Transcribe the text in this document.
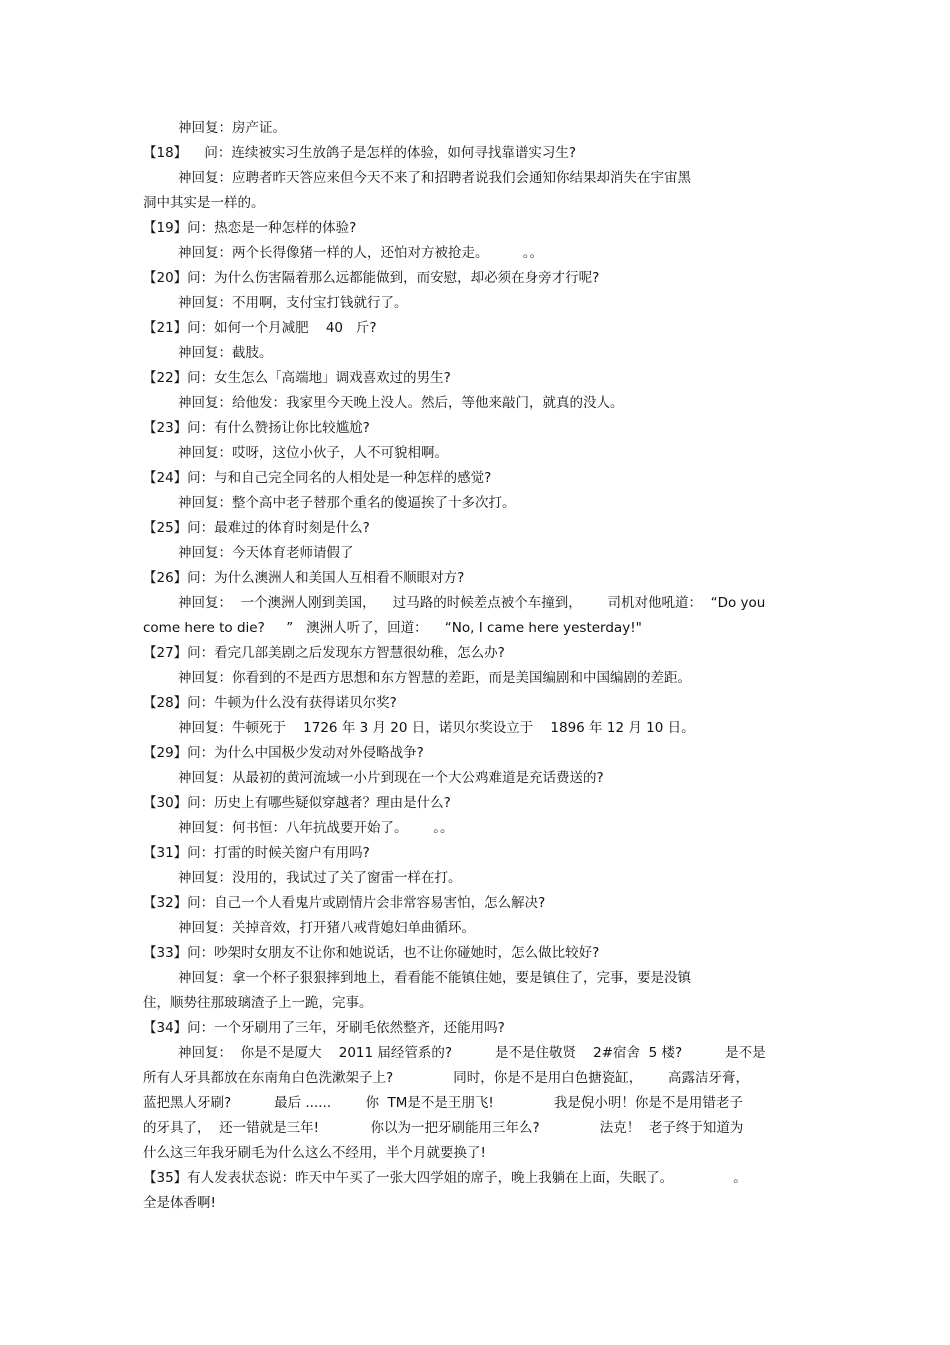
神回复：房产证。
【18】    问：连续被实习生放鸽子是怎样的体验，如何寻找靠谱实习生?
神回复：应聘者昨天答应来但今天不来了和招聘者说我们会通知你结果却消失在宇宙黑
洞中其实是一样的。
【19】问：热恋是一种怎样的体验?
神回复：两个长得像猪一样的人，还怕对方被抢走。        。。
【20】问：为什么伤害隔着那么远都能做到，而安慰，却必须在身旁才行呢?
神回复：不用啊，支付宝打钱就行了。
【21】问：如何一个月减肥    40   斤?
神回复：截肢。
【22】问：女生怎么「高端地」调戏喜欢过的男生?
神回复：给他发：我家里今天晚上没人。然后，等他来敲门，就真的没人。
【23】问：有什么赞扬让你比较尴尬?
神回复：哎呀，这位小伙子，人不可貌相啊。
【24】问：与和自己完全同名的人相处是一种怎样的感觉?
神回复：整个高中老子替那个重名的傻逼挨了十多次打。
【25】问：最难过的体育时刻是什么?
神回复：今天体育老师请假了
【26】问：为什么澳洲人和美国人互相看不顺眼对方?
神回复：  一个澳洲人刚到美国，    过马路的时候差点被个车撞到，      司机对他吼道：  “Do you
come here to die?     ”   澳洲人听了，回道：    “No, I came here yesterday!"
【27】问：看完几部美剧之后发现东方智慧很幼稚，怎么办?
神回复：你看到的不是西方思想和东方智慧的差距，而是美国编剧和中国编剧的差距。
【28】问：牛顿为什么没有获得诺贝尔奖?
神回复：牛顿死于    1726 年 3 月 20 日，诺贝尔奖设立于    1896 年 12 月 10 日。
【29】问：为什么中国极少发动对外侵略战争?
神回复：从最初的黄河流域一小片到现在一个大公鸡难道是充话费送的?
【30】问：历史上有哪些疑似穿越者？理由是什么?
神回复：何书恒：八年抗战要开始了。      。。
【31】问：打雷的时候关窗户有用吗?
神回复：没用的，我试过了关了窗雷一样在打。
【32】问：自己一个人看鬼片或剧情片会非常容易害怕，怎么解决?
神回复：关掉音效，打开猪八戒背媳妇单曲循环。
【33】问：吵架时女朋友不让你和她说话，也不让你碰她时，怎么做比较好?
神回复：拿一个杯子狠狠摔到地上，看看能不能镇住她，要是镇住了，完事，要是没镇
住，顺势往那玻璃渣子上一跪，完事。
【34】问：一个牙刷用了三年，牙刷毛依然整齐，还能用吗?
神回复：  你是不是厦大    2011 届经管系的?          是不是住敬贤    2#宿舍  5 楼?          是不是
所有人牙具都放在东南角白色洗漱架子上?              同时，你是不是用白色搪瓷缸，      高露洁牙膏，
蓝把黑人牙刷?          最后 ......        你  TM是不是王朋飞!              我是倪小明！你是不是用错老子
的牙具了，  还一错就是三年!            你以为一把牙刷能用三年么?              法克！  老子终于知道为
什么这三年我牙刷毛为什么这么不经用，半个月就要换了!
【35】有人发表状态说：昨天中午买了一张大四学姐的席子，晚上我躺在上面，失眠了。              。
全是体香啊!
